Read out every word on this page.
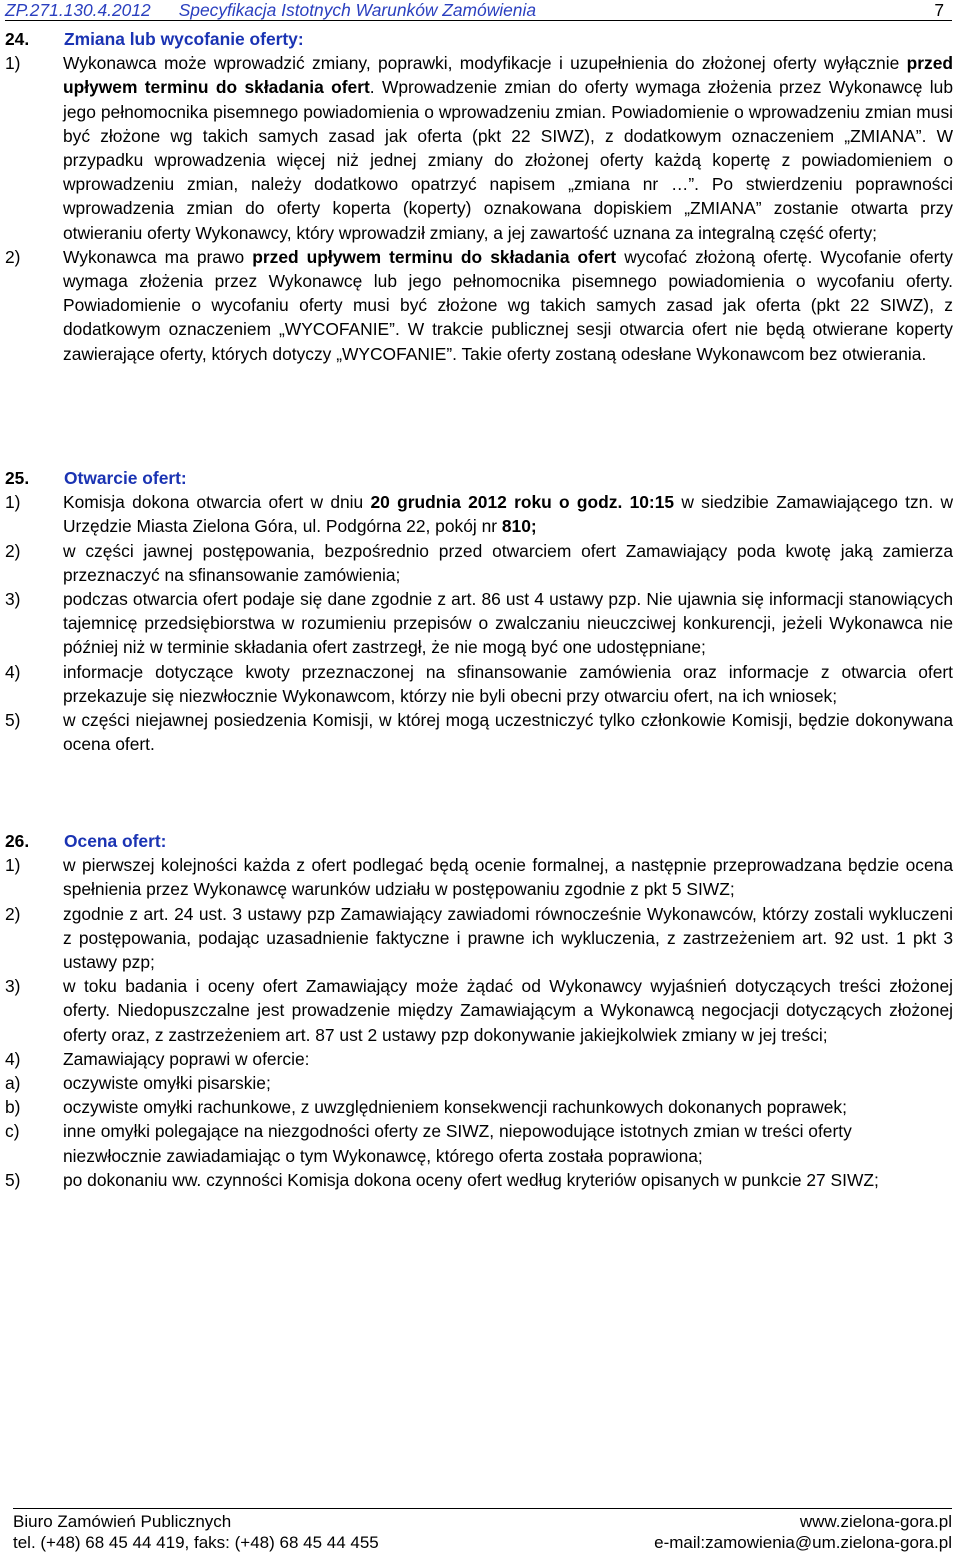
ZP.271.130.4.2012 Specyfikacja Istotnych Warunków Zamówienia	7
24.	Zmiana lub wycofanie oferty:
1)	Wykonawca może wprowadzić zmiany, poprawki, modyfikacje i uzupełnienia do złożonej oferty wyłącznie przed upływem terminu do składania ofert. Wprowadzenie zmian do oferty wymaga złożenia przez Wykonawcę lub jego pełnomocnika pisemnego powiadomienia o wprowadzeniu zmian. Powiadomienie o wprowadzeniu zmian musi być złożone wg takich samych zasad jak oferta (pkt 22 SIWZ), z dodatkowym oznaczeniem „ZMIANA”. W przypadku wprowadzenia więcej niż jednej zmiany do złożonej oferty każdą kopertę z powiadomieniem o wprowadzeniu zmian, należy dodatkowo opatrzyć napisem „zmiana nr …”. Po stwierdzeniu poprawności wprowadzenia zmian do oferty koperta (koperty) oznakowana dopiskiem „ZMIANA” zostanie otwarta przy otwieraniu oferty Wykonawcy, który wprowadził zmiany, a jej zawartość uznana za integralną część oferty;
2)	Wykonawca ma prawo przed upływem terminu do składania ofert wycofać złożoną ofertę. Wycofanie oferty wymaga złożenia przez Wykonawcę lub jego pełnomocnika pisemnego powiadomienia o wycofaniu oferty. Powiadomienie o wycofaniu oferty musi być złożone wg takich samych zasad jak oferta (pkt 22 SIWZ), z dodatkowym oznaczeniem „WYCOFANIE”. W trakcie publicznej sesji otwarcia ofert nie będą otwierane koperty zawierające oferty, których dotyczy „WYCOFANIE”. Takie oferty zostaną odesłane Wykonawcom bez otwierania.
25.	Otwarcie ofert:
1)	Komisja dokona otwarcia ofert w dniu 20 grudnia 2012 roku o godz. 10:15 w siedzibie Zamawiającego tzn. w Urzędzie Miasta Zielona Góra, ul. Podgórna 22, pokój nr 810;
2)	w części jawnej postępowania, bezpośrednio przed otwarciem ofert Zamawiający poda kwotę jaką zamierza przeznaczyć na sfinansowanie zamówienia;
3)	podczas otwarcia ofert podaje się dane zgodnie z art. 86 ust 4 ustawy pzp. Nie ujawnia się informacji stanowiących tajemnicę przedsiębiorstwa w rozumieniu przepisów o zwalczaniu nieuczciwej konkurencji, jeżeli Wykonawca nie później niż w terminie składania ofert zastrzegł, że nie mogą być one udostępniane;
4)	informacje dotyczące kwoty przeznaczonej na sfinansowanie zamówienia oraz informacje z otwarcia ofert przekazuje się niezwłocznie Wykonawcom, którzy nie byli obecni przy otwarciu ofert, na ich wniosek;
5)	w części niejawnej posiedzenia Komisji, w której mogą uczestniczyć tylko członkowie Komisji, będzie dokonywana ocena ofert.
26.	Ocena ofert:
1)	w pierwszej kolejności każda z ofert podlegać będą ocenie formalnej, a następnie przeprowadzana będzie ocena spełnienia przez Wykonawcę warunków udziału w postępowaniu zgodnie z pkt 5 SIWZ;
2)	zgodnie z art. 24 ust. 3 ustawy pzp Zamawiający zawiadomi równocześnie Wykonawców, którzy zostali wykluczeni z postępowania, podając uzasadnienie faktyczne i prawne ich wykluczenia, z zastrzeżeniem art. 92 ust. 1 pkt 3 ustawy pzp;
3)	w toku badania i oceny ofert Zamawiający może żądać od Wykonawcy wyjaśnień dotyczących treści złożonej oferty. Niedopuszczalne jest prowadzenie między Zamawiającym a Wykonawcą negocjacji dotyczących złożonej oferty oraz, z zastrzeżeniem art. 87 ust 2 ustawy pzp dokonywanie jakiejkolwiek zmiany w jej treści;
4)	Zamawiający poprawi w ofercie:
a)	oczywiste omyłki pisarskie;
b)	oczywiste omyłki rachunkowe, z uwzględnieniem konsekwencji rachunkowych dokonanych poprawek;
c)	inne omyłki polegające na niezgodności oferty ze SIWZ, niepowodujące istotnych zmian w treści oferty
niezwłocznie zawiadamiając o tym Wykonawcę, którego oferta została poprawiona;
5)	po dokonaniu ww. czynności Komisja dokona oceny ofert według kryteriów opisanych w punkcie 27 SIWZ;
Biuro Zamówień Publicznych	www.zielona-gora.pl
tel. (+48) 68 45 44 419, faks: (+48) 68 45 44 455	e-mail:zamowienia@um.zielona-gora.pl
